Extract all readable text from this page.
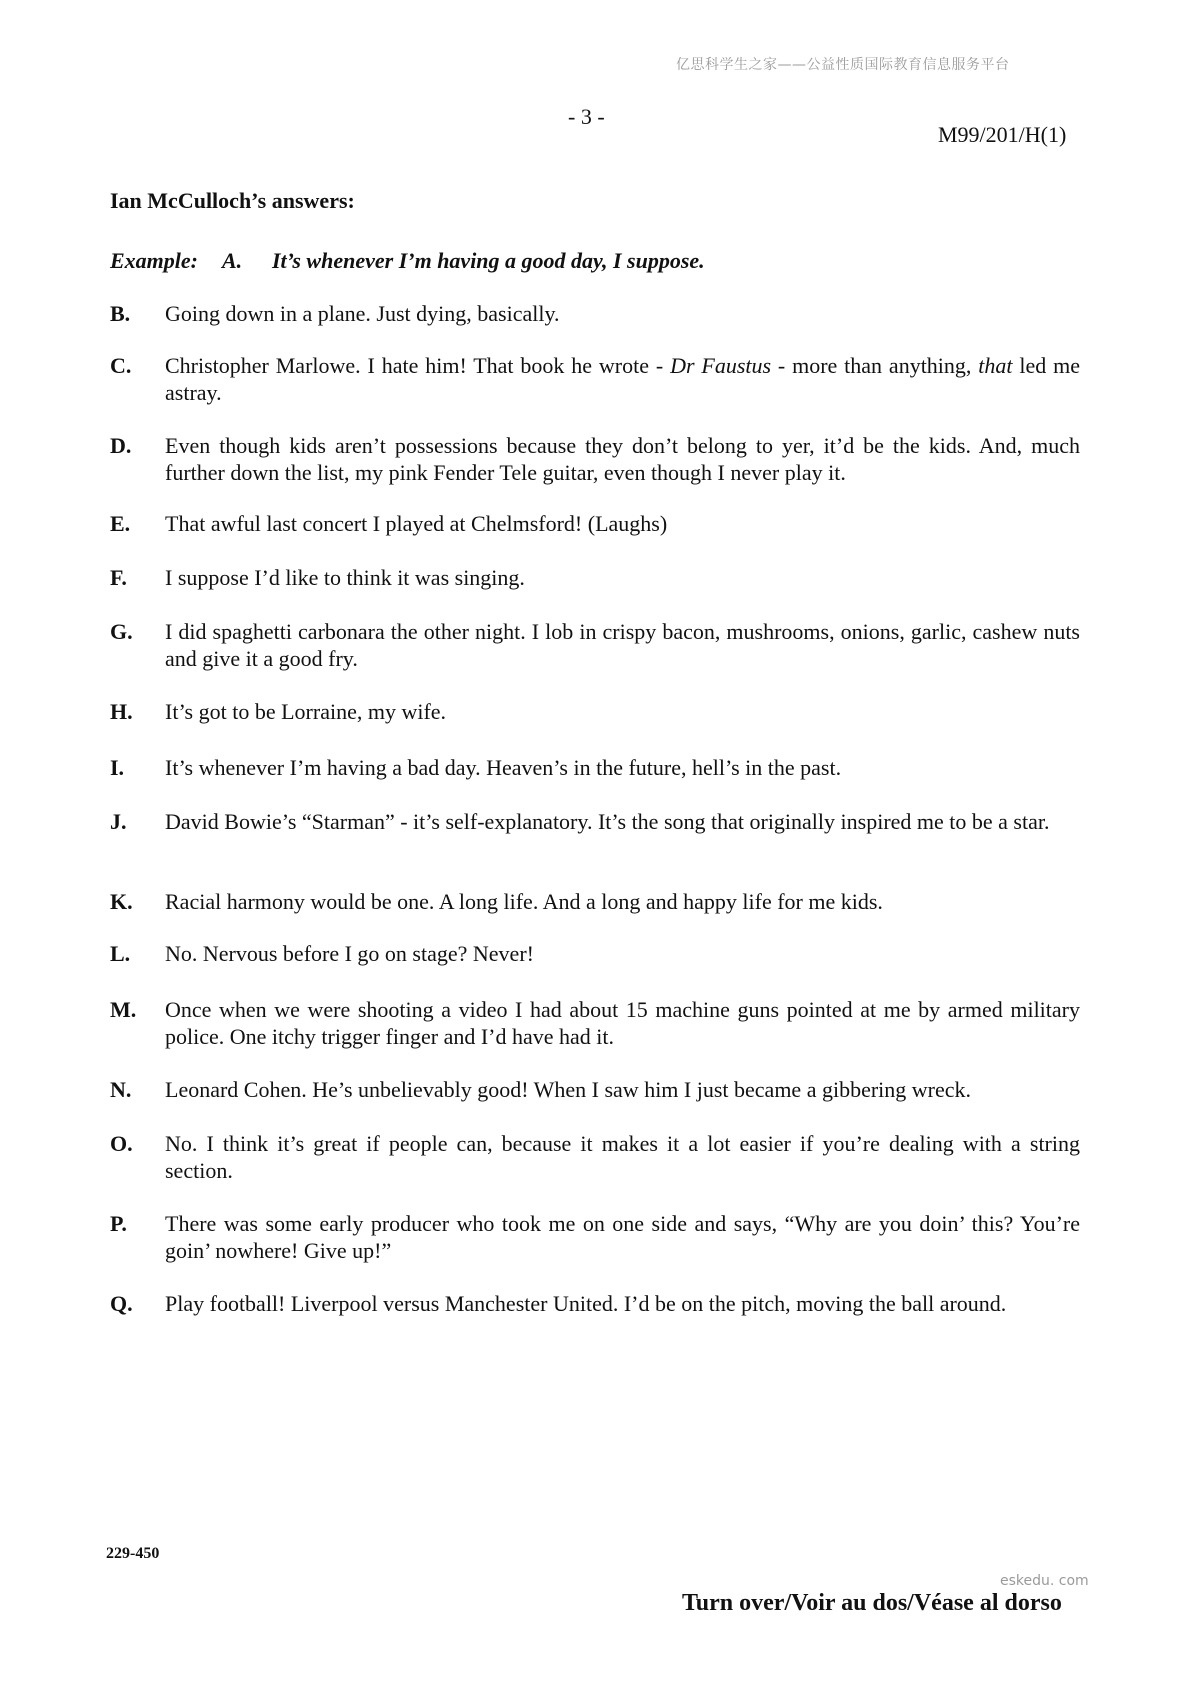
亿思科学生之家——公益性质国际教育信息服务平台
- 3 -
M99/201/H(1)
Ian McCulloch’s answers:
Example:	A.	It’s whenever I’m having a good day, I suppose.
B.	Going down in a plane. Just dying, basically.
C.	Christopher Marlowe. I hate him! That book he wrote - Dr Faustus - more than anything, that led me astray.
D.	Even though kids aren’t possessions because they don’t belong to yer, it’d be the kids. And, much further down the list, my pink Fender Tele guitar, even though I never play it.
E.	That awful last concert I played at Chelmsford! (Laughs)
F.	I suppose I’d like to think it was singing.
G.	I did spaghetti carbonara the other night. I lob in crispy bacon, mushrooms, onions, garlic, cashew nuts and give it a good fry.
H.	It’s got to be Lorraine, my wife.
I.	It’s whenever I’m having a bad day. Heaven’s in the future, hell’s in the past.
J.	David Bowie’s “Starman” - it’s self-explanatory. It’s the song that originally inspired me to be a star.
K.	Racial harmony would be one. A long life. And a long and happy life for me kids.
L.	No. Nervous before I go on stage? Never!
M.	Once when we were shooting a video I had about 15 machine guns pointed at me by armed military police. One itchy trigger finger and I’d have had it.
N.	Leonard Cohen. He’s unbelievably good! When I saw him I just became a gibbering wreck.
O.	No. I think it’s great if people can, because it makes it a lot easier if you’re dealing with a string section.
P.	There was some early producer who took me on one side and says, “Why are you doin’ this? You’re goin’ nowhere! Give up!”
Q.	Play football! Liverpool versus Manchester United. I’d be on the pitch, moving the ball around.
229-450
eskedu. com
Turn over/Voir au dos/Véase al dorso
